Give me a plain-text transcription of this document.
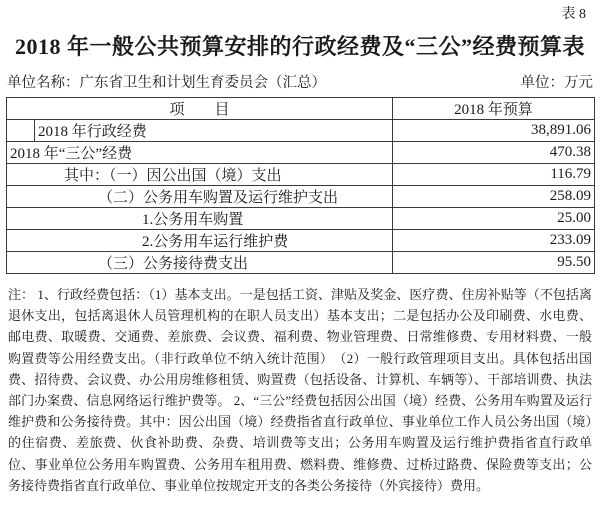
表 8
2018 年一般公共预算安排的行政经费及“三公”经费预算表
单位名称：广东省卫生和计划生育委员会（汇总）	单位：万元
项　　目		2018 年预算
	2018 年行政经费	38,891.06
2018 年“三公”经费		470.38
其中：（一）因公出国（境）支出		116.79
（二）公务用车购置及运行维护支出		258.09
1.公务用车购置		25.00
2.公务用车运行维护费		233.09
（三）公务接待费支出		95.50
注： 1、行政经费包括：（1）基本支出。一是包括工资、津贴及奖金、医疗费、住房补贴等（不包括离退休支出，包括离退休人员管理机构的在职人员支出）基本支出；二是包括办公及印刷费、水电费、邮电费、取暖费、交通费、差旅费、会议费、福利费、物业管理费、日常维修费、专用材料费、一般购置费等公用经费支出。（非行政单位不纳入统计范围）　（2）一般行政管理项目支出。具体包括出国费、招待费、会议费、办公用房维修租赁、购置费（包括设备、计算机、车辆等）、干部培训费、执法部门办案费、信息网络运行维护费等。 2、“三公”经费包括因公出国（境）经费、公务用车购置及运行维护费和公务接待费。其中：因公出国（境）经费指省直行政单位、事业单位工作人员公务出国（境）的住宿费、差旅费、伙食补助费、杂费、培训费等支出；公务用车购置及运行维护费指省直行政单位、事业单位公务用车购置费、公务用车租用费、燃料费、维修费、过桥过路费、保险费等支出；公务接待费指省直行政单位、事业单位按规定开支的各类公务接待（外宾接待）费用。
